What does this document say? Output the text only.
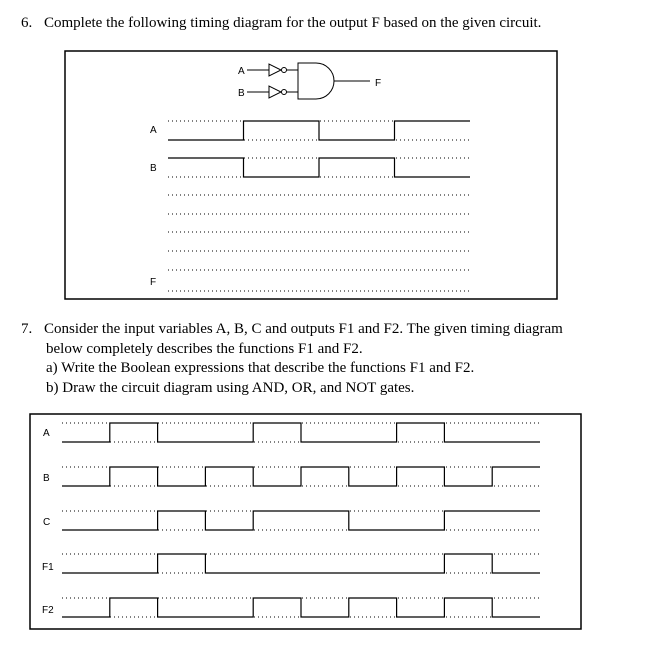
6. Complete the following timing diagram for the output F based on the given circuit.
7. Consider the input variables A, B, C and outputs F1 and F2. The given timing diagram
below completely describes the functions F1 and F2.
a) Write the Boolean expressions that describe the functions F1 and F2.
b) Draw the circuit diagram using AND, OR, and NOT gates.
A
B
F
A
B
F
A
B
C
F1
F2
